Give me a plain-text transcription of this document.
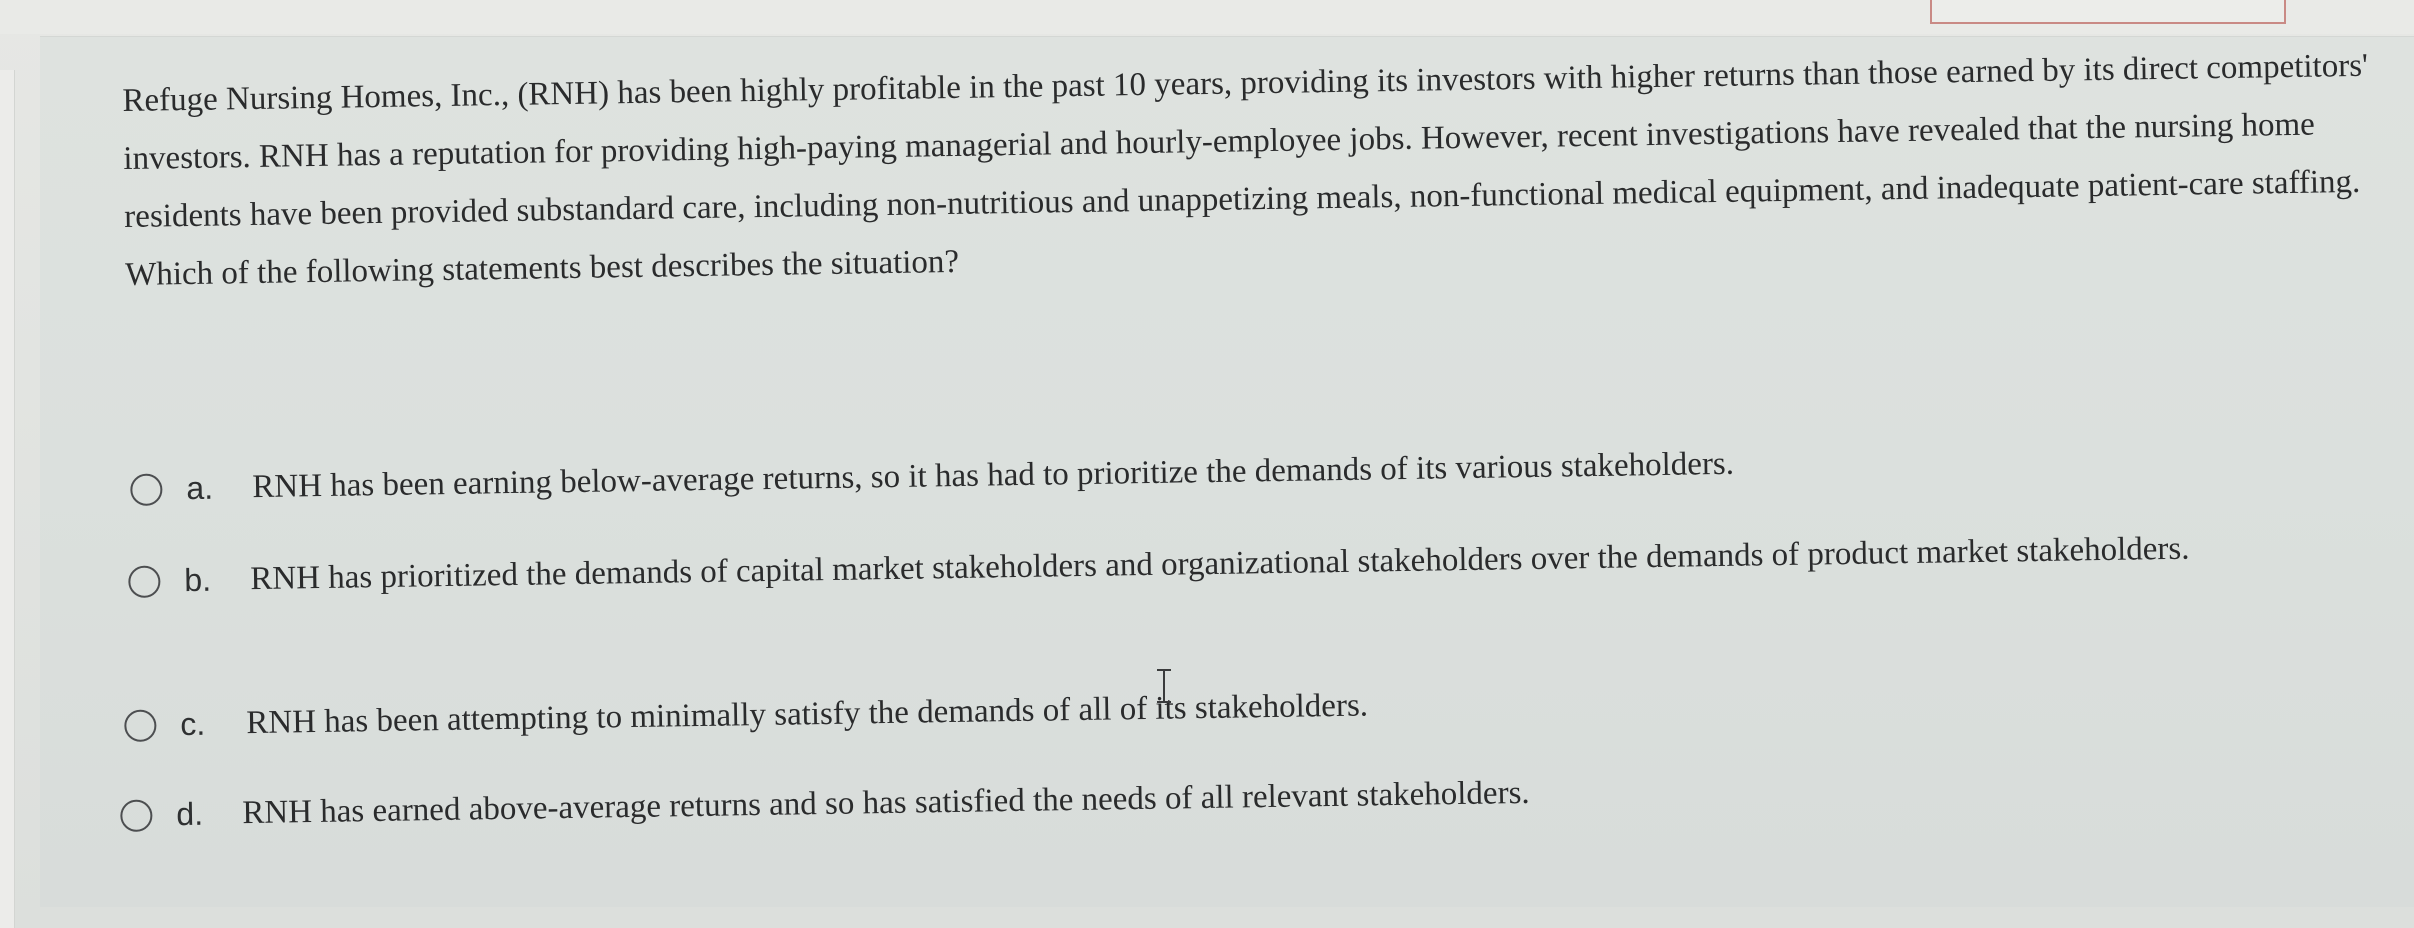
Refuge Nursing Homes, Inc., (RNH) has been highly profitable in the past 10 years, providing its investors with higher returns than those earned by its direct competitors' investors. RNH has a reputation for providing high-paying managerial and hourly-employee jobs. However, recent investigations have revealed that the nursing home residents have been provided substandard care, including non-nutritious and unappetizing meals, non-functional medical equipment, and inadequate patient-care staffing. Which of the following statements best describes the situation?
a.	RNH has been earning below-average returns, so it has had to prioritize the demands of its various stakeholders.
b.	RNH has prioritized the demands of capital market stakeholders and organizational stakeholders over the demands of product market stakeholders.
c.	RNH has been attempting to minimally satisfy the demands of all of its stakeholders.
d.	RNH has earned above-average returns and so has satisfied the needs of all relevant stakeholders.
